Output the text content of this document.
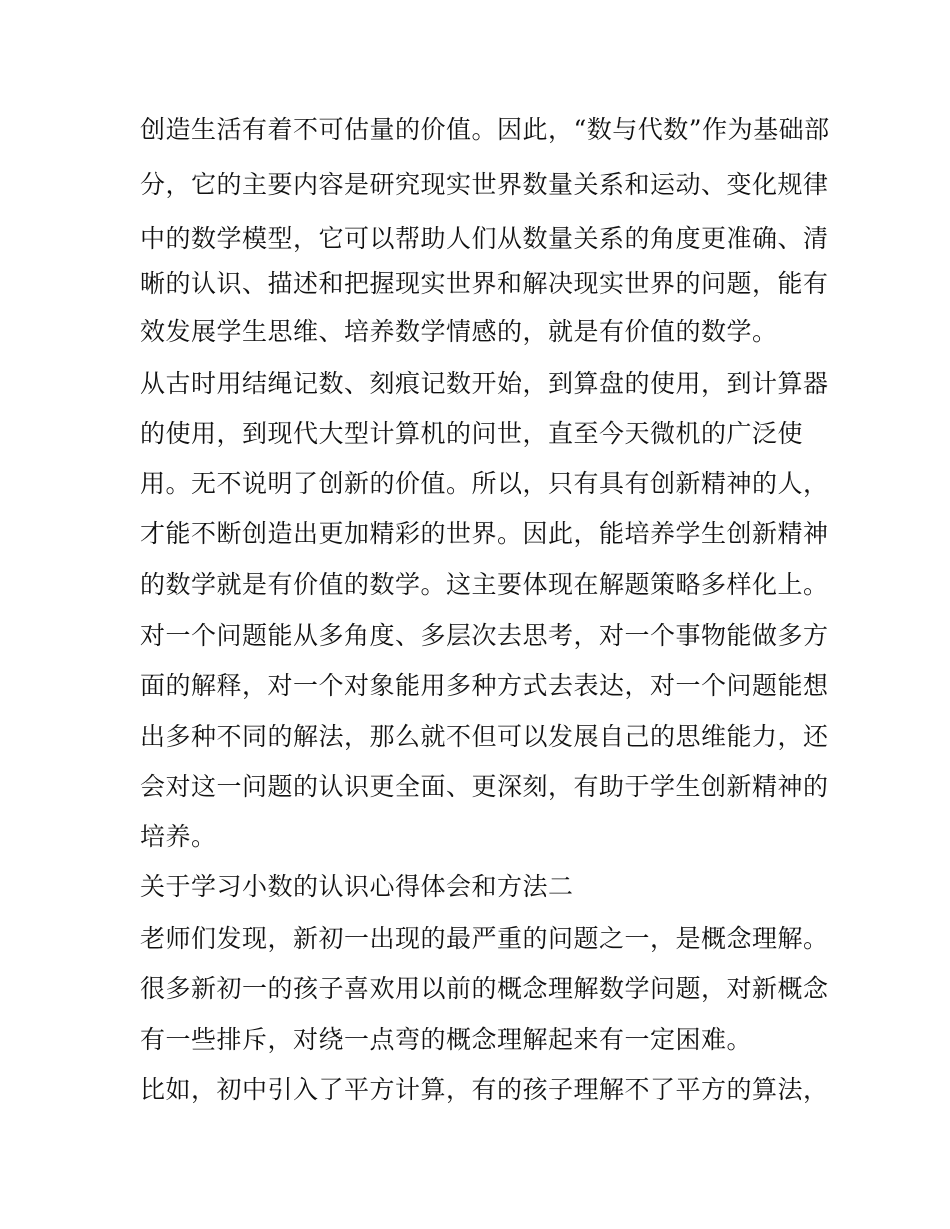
创造生活有着不可估量的价值。因此，“数与代数”作为基础部
分，它的主要内容是研究现实世界数量关系和运动、变化规律
中的数学模型，它可以帮助人们从数量关系的角度更准确、清
晰的认识、描述和把握现实世界和解决现实世界的问题，能有
效发展学生思维、培养数学情感的，就是有价值的数学。
从古时用结绳记数、刻痕记数开始，到算盘的使用，到计算器
的使用，到现代大型计算机的问世，直至今天微机的广泛使
用。无不说明了创新的价值。所以，只有具有创新精神的人，
才能不断创造出更加精彩的世界。因此，能培养学生创新精神
的数学就是有价值的数学。这主要体现在解题策略多样化上。
对一个问题能从多角度、多层次去思考，对一个事物能做多方
面的解释，对一个对象能用多种方式去表达，对一个问题能想
出多种不同的解法，那么就不但可以发展自己的思维能力，还
会对这一问题的认识更全面、更深刻，有助于学生创新精神的
培养。
关于学习小数的认识心得体会和方法二
老师们发现，新初一出现的最严重的问题之一，是概念理解。
很多新初一的孩子喜欢用以前的概念理解数学问题，对新概念
有一些排斥，对绕一点弯的概念理解起来有一定困难。
比如，初中引入了平方计算，有的孩子理解不了平方的算法，
